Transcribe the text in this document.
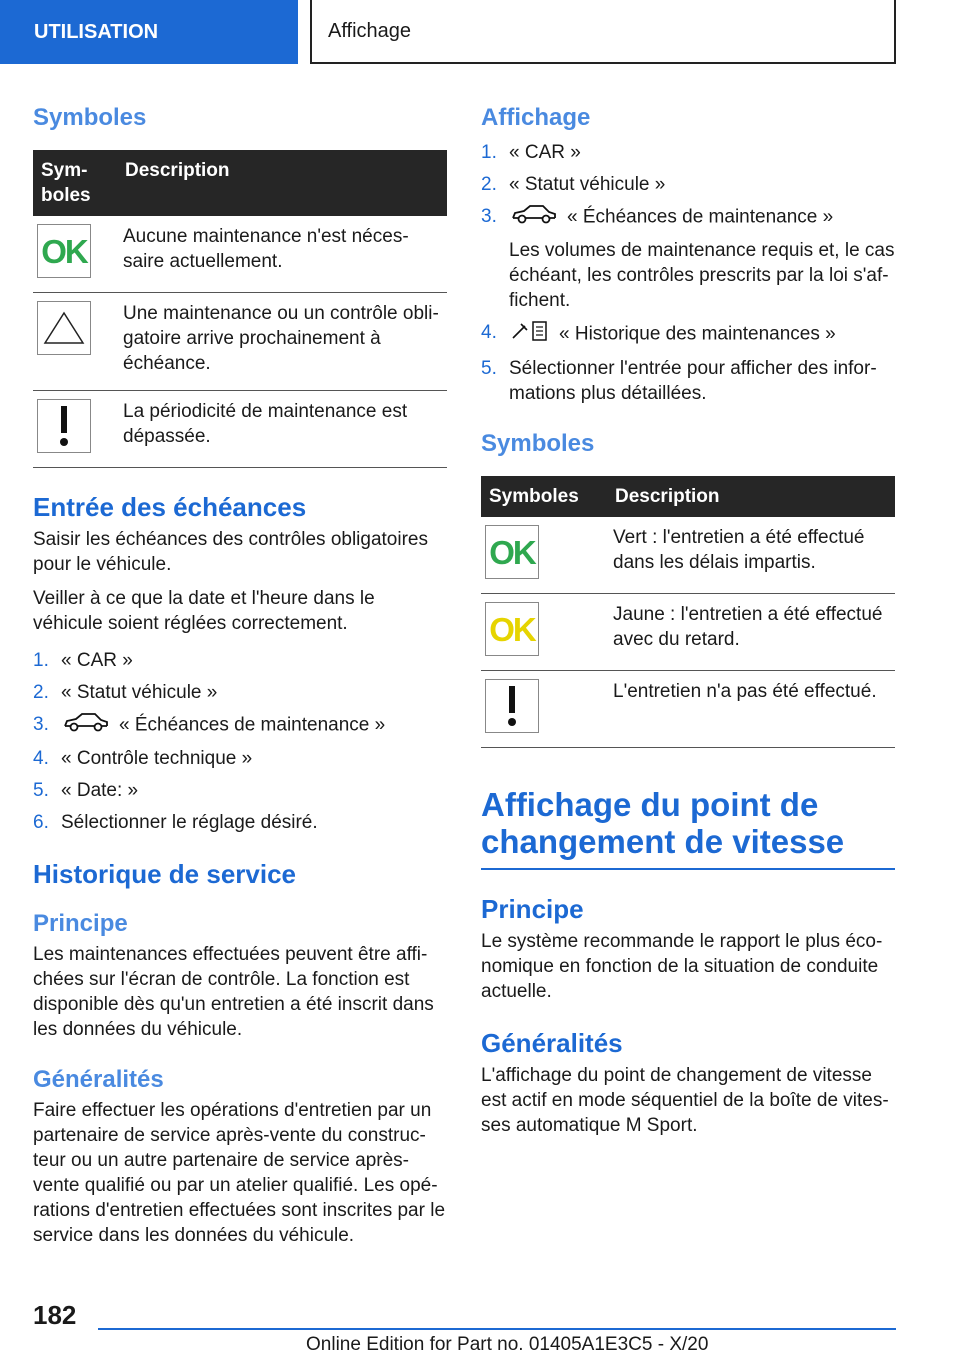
UTILISATION	Affichage
Symboles
Sym-
boles	Description

OK	Aucune maintenance n'est néces-
saire actuellement.

	Une maintenance ou un contrôle obli-
gatoire arrive prochainement à
échéance.

	La périodicité de maintenance est
dépassée.
Entrée des échéances

Saisir les échéances des contrôles obligatoires pour le véhicule.

Veiller à ce que la date et l'heure dans le véhicule soient réglées correctement.

1. « CAR »
2. « Statut véhicule »
3.	« Échéances de maintenance »
4. « Contrôle technique »
5. « Date: »
6. Sélectionner le réglage désiré.
Historique de service
Principe

Les maintenances effectuées peuvent être affi-chées sur l'écran de contrôle. La fonction est disponible dès qu'un entretien a été inscrit dans les données du véhicule.

Généralités

Faire effectuer les opérations d'entretien par un partenaire de service après-vente du construc-teur ou un autre partenaire de service après-vente qualifié ou par un atelier qualifié. Les opé-rations d'entretien effectuées sont inscrites par le service dans les données du véhicule.

Affichage
1. « CAR »
2. « Statut véhicule »
3.	« Échéances de maintenance »

Les volumes de maintenance requis et, le cas échéant, les contrôles prescrits par la loi s'af-fichent.

4.	« Historique des maintenances »
5. Sélectionner l'entrée pour afficher des infor-mations plus détaillées.
Symboles
Symboles	Description

OK	Vert : l'entretien a été effectué
dans les délais impartis.

OK	Jaune : l'entretien a été effectué
avec du retard.

	L'entretien n'a pas été effectué.
Affichage du point de changement de vitesse
Principe

Le système recommande le rapport le plus éco-nomique en fonction de la situation de conduite actuelle.

Généralités

L'affichage du point de changement de vitesse est actif en mode séquentiel de la boîte de vites-ses automatique M Sport.

182
Online Edition for Part no. 01405A1E3C5 - X/20
